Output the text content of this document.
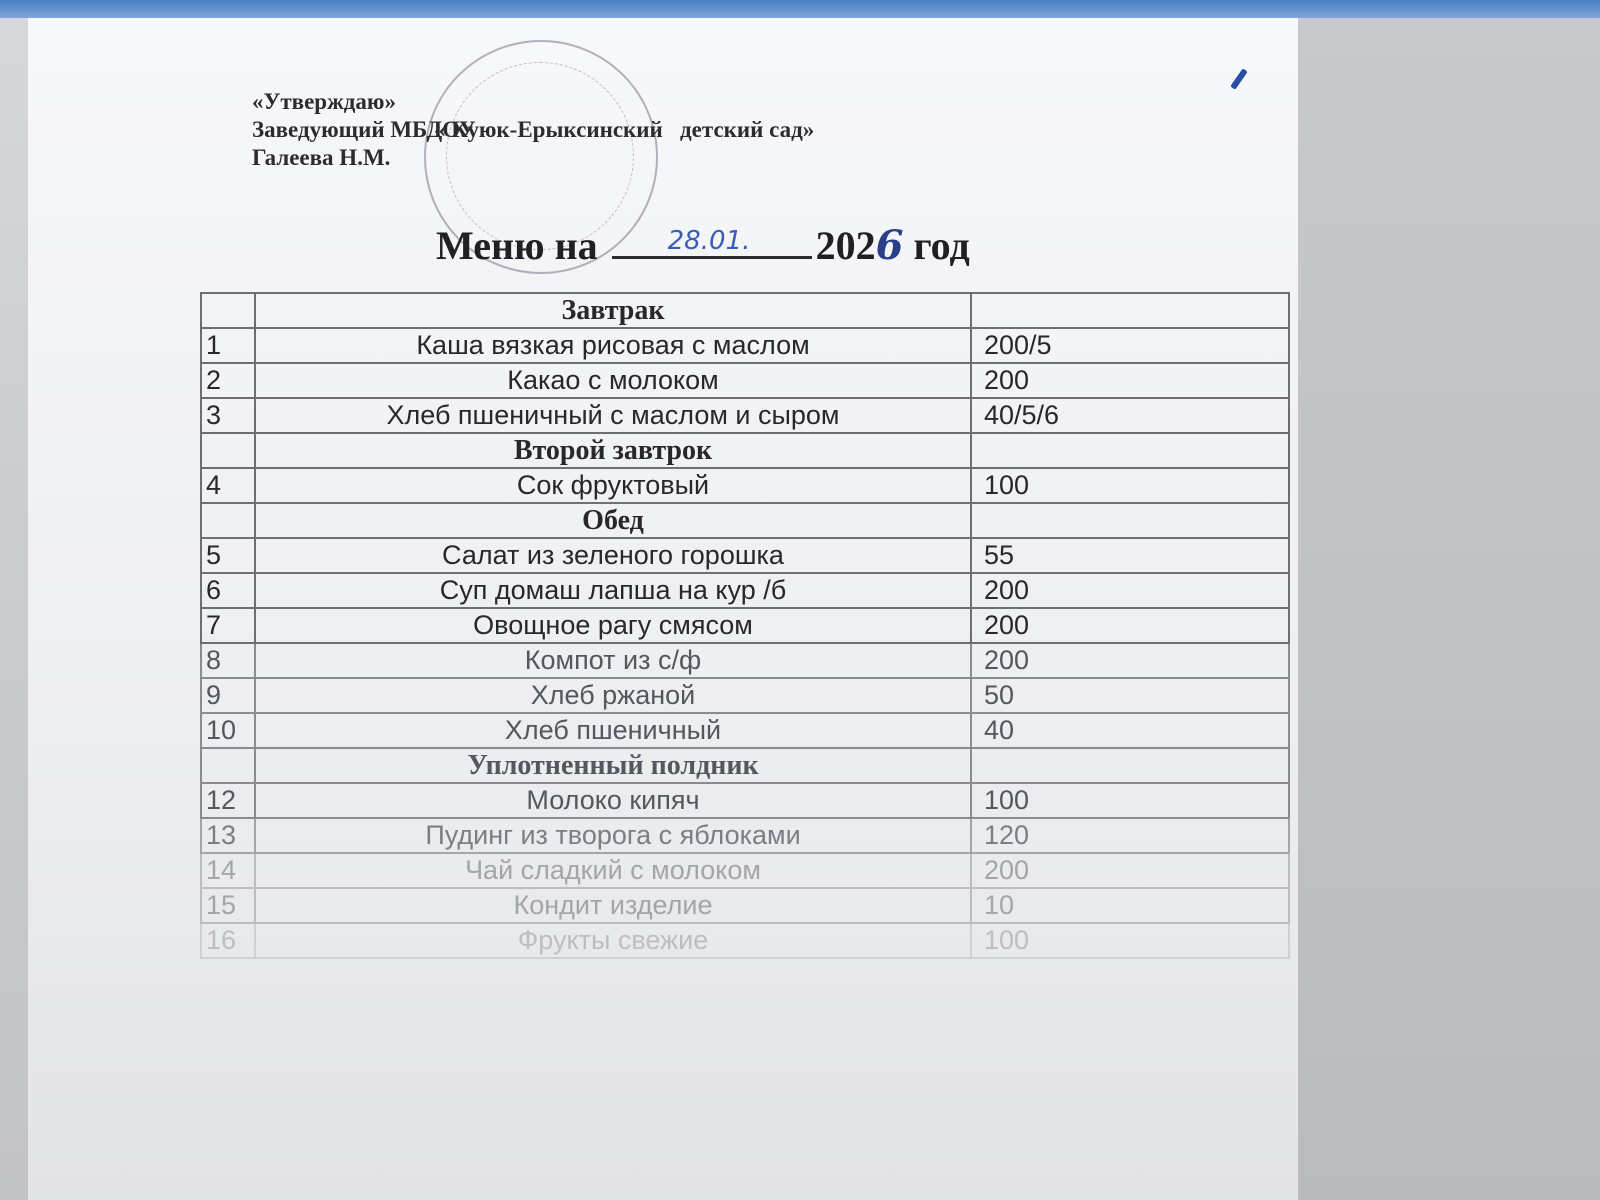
«Утверждаю»
Заведующий МБДОУ
« Куюк-Ерыксинский   детский сад»
Галеева Н.М.
Меню на	28.01. 2026 год
	Завтрак	
1	Каша вязкая рисовая с маслом	200/5
2	Какао с молоком	200
3	Хлеб пшеничный с маслом и сыром	40/5/6
	Второй завтрок	
4	Сок фруктовый	100
	Обед	
5	Салат из зеленого горошка	55
6	Суп домаш лапша на кур /б	200
7	Овощное рагу смясом	200
8	Компот из с/ф	200
9	Хлеб ржаной	50
10	Хлеб пшеничный	40
	Уплотненный полдник	
12	Молоко кипяч	100
13	Пудинг из творога с яблоками	120
14	Чай сладкий с молоком	200
15	Кондит изделие	10
16	Фрукты свежие	100
